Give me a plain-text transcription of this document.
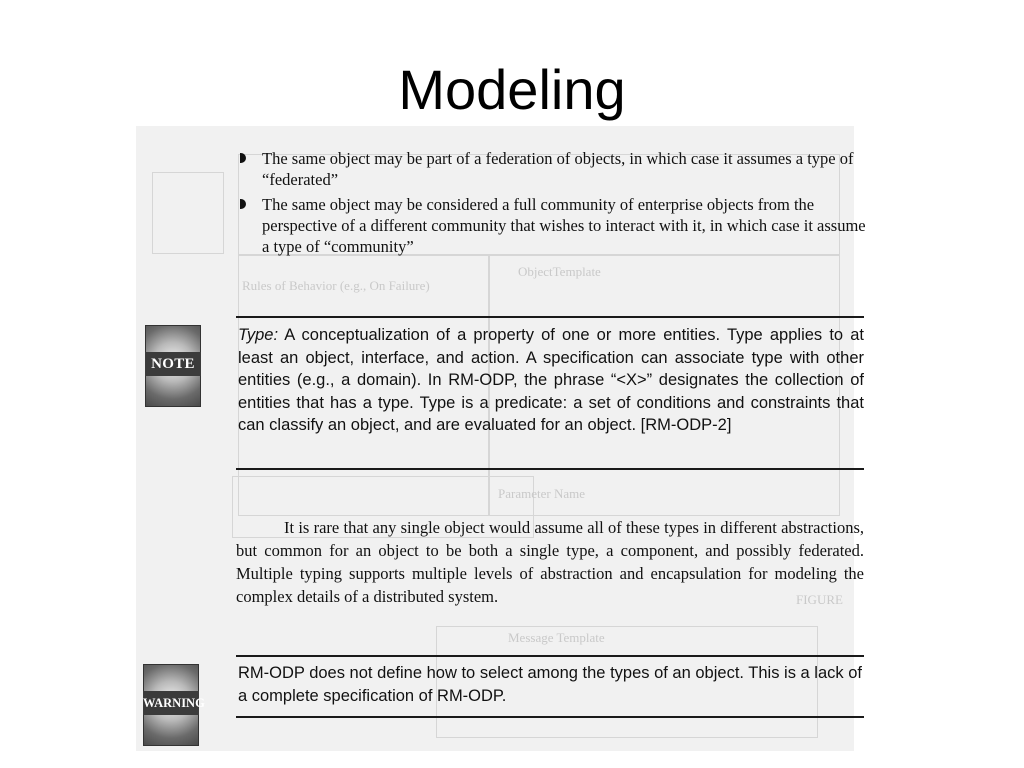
Modeling
ObjectTemplate
Rules of Behavior (e.g., On Failure)
Parameter Name
Message Template
FIGURE
The same object may be part of a federation of objects, in which case it assumes a type of “federated”
The same object may be considered a full community of enterprise objects from the perspective of a different community that wishes to interact with it, in which case it assume a type of “community”
NOTE
Type: A conceptualization of a property of one or more entities. Type applies to at least an object, interface, and action. A specification can associate type with other entities (e.g., a domain). In RM-ODP, the phrase “<X>” designates the collection of entities that has a type. Type is a predicate: a set of conditions and constraints that can classify an object, and are evaluated for an object. [RM-ODP-2]
It is rare that any single object would assume all of these types in different abstractions, but common for an object to be both a single type, a component, and possibly federated. Multiple typing supports multiple levels of abstraction and encapsulation for modeling the complex details of a distributed system.
WARNING
RM-ODP does not define how to select among the types of an object. This is a lack of a complete specification of RM-ODP.
